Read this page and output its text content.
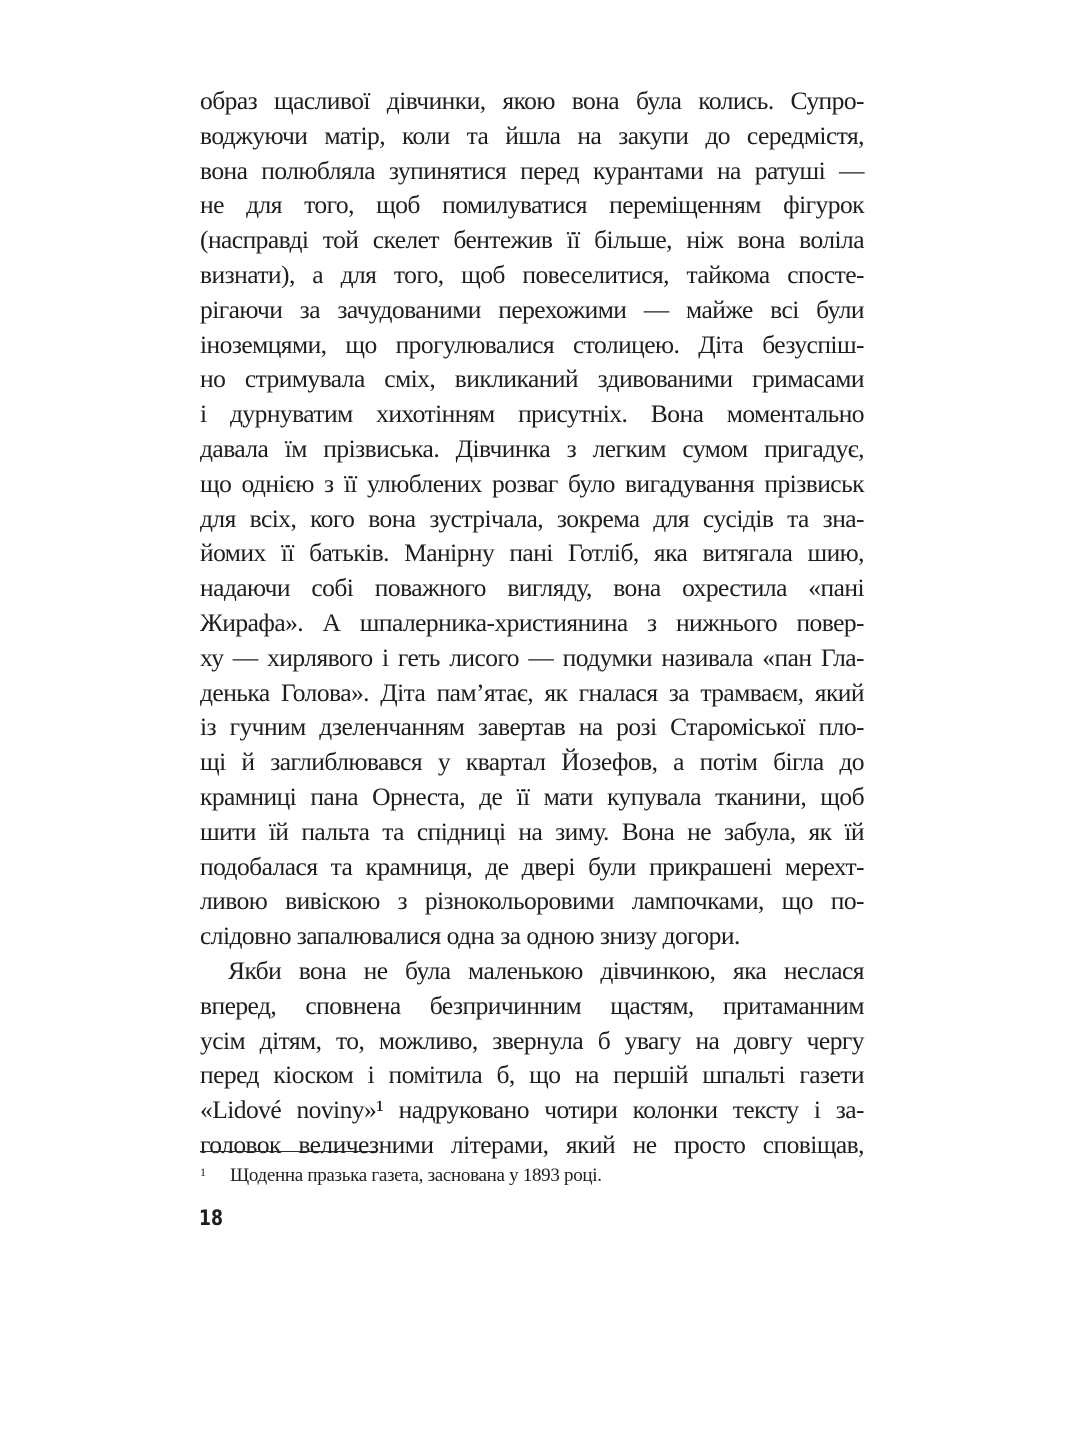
образ щасливої дівчинки, якою вона була колись. Супро-
воджуючи матір, коли та йшла на закупи до середмістя,
вона полюбляла зупинятися перед курантами на ратуші —
не для того, щоб помилуватися переміщенням фігурок
(насправді той скелет бентежив її більше, ніж вона воліла
визнати), а для того, щоб повеселитися, тайкома спосте-
рігаючи за зачудованими перехожими — майже всі були
іноземцями, що прогулювалися столицею. Діта безуспіш-
но стримувала сміх, викликаний здивованими гримасами
і дурнуватим хихотінням присутніх. Вона моментально
давала їм прізвиська. Дівчинка з легким сумом пригадує,
що однією з її улюблених розваг було вигадування прізвиськ
для всіх, кого вона зустрічала, зокрема для сусідів та зна-
йомих її батьків. Манірну пані Готліб, яка витягала шию,
надаючи собі поважного вигляду, вона охрестила «пані
Жирафа». А шпалерника-християнина з нижнього повер-
ху — хирлявого і геть лисого — подумки називала «пан Гла-
денька Голова». Діта пам’ятає, як гналася за трамваєм, який
із гучним дзеленчанням завертав на розі Староміської пло-
щі й заглиблювався у квартал Йозефов, а потім бігла до
крамниці пана Орнеста, де її мати купувала тканини, щоб
шити їй пальта та спідниці на зиму. Вона не забула, як їй
подобалася та крамниця, де двері були прикрашені мерехт-
ливою вивіскою з різнокольоровими лампочками, що по-
слідовно запалювалися одна за одною знизу догори.
Якби вона не була маленькою дівчинкою, яка неслася
вперед, сповнена безпричинним щастям, притаманним
усім дітям, то, можливо, звернула б увагу на довгу чергу
перед кіоском і помітила б, що на першій шпальті газети
«Lidové noviny»¹ надруковано чотири колонки тексту і за-
головок величезними літерами, який не просто сповіщав,
1 Щоденна празька газета, заснована у 1893 році.
18
